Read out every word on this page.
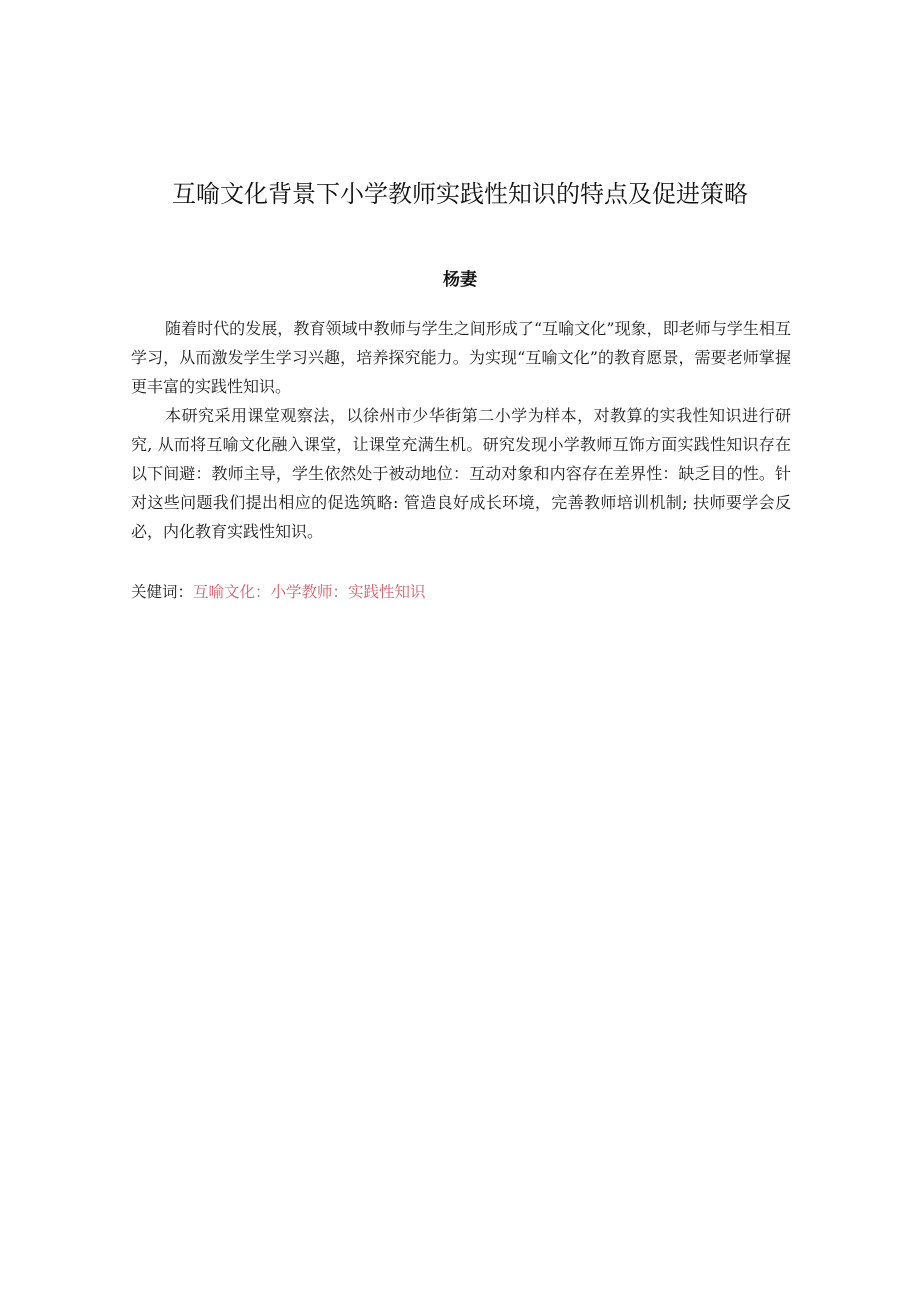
互喻文化背景下小学教师实践性知识的特点及促进策略
杨妻

随着时代的发展，教育领域中教师与学生之间形成了“互喻文化”现象，即老师与学生相互学习，从而激发学生学习兴趣，培养探究能力。为实现“互喻文化”的教育愿景，需要老师掌握更丰富的实践性知识。

本研究采用课堂观察法，以徐州市少华街第二小学为样本，对教算的实我性知识进行研究, 从而将互喻文化融入课堂，让课堂充满生机。研究发现小学教师互饰方面实践性知识存在以下间避：教师主导，学生依然处于被动地位：互动对象和内容存在差界性：缺乏目的性。针对这些问题我们提出相应的促选筑略: 管造良好成长环境，完善教师培训机制; 扶师要学会反必，内化教育实践性知识。

关健词：互喻文化：小学教师：实践性知识
